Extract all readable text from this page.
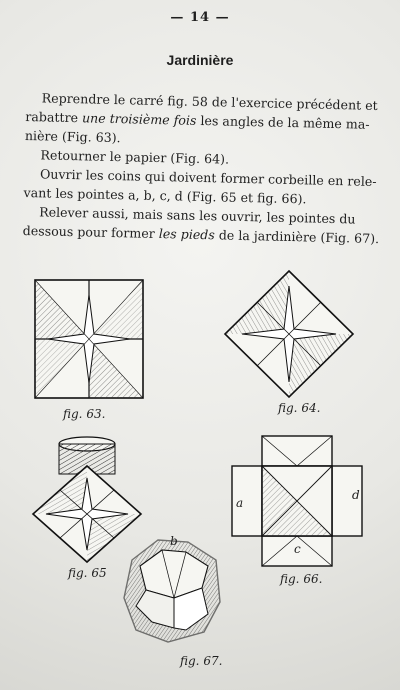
— 14 —
Jardinière

Reprendre le carré fig. 58 de l'exercice précédent et
rabattre une troisième fois les angles de la même ma-
nière (Fig. 63).

Retourner le papier (Fig. 64).

Ouvrir les coins qui doivent former corbeille en rele-
vant les pointes a, b, c, d (Fig. 65 et fig. 66).

Relever aussi, mais sans les ouvrir, les pointes du
dessous pour former les pieds de la jardinière (Fig. 67).

fig. 63.	fig. 64.
fig. 65
a
c
d
fig. 66.
b
fig. 67.
